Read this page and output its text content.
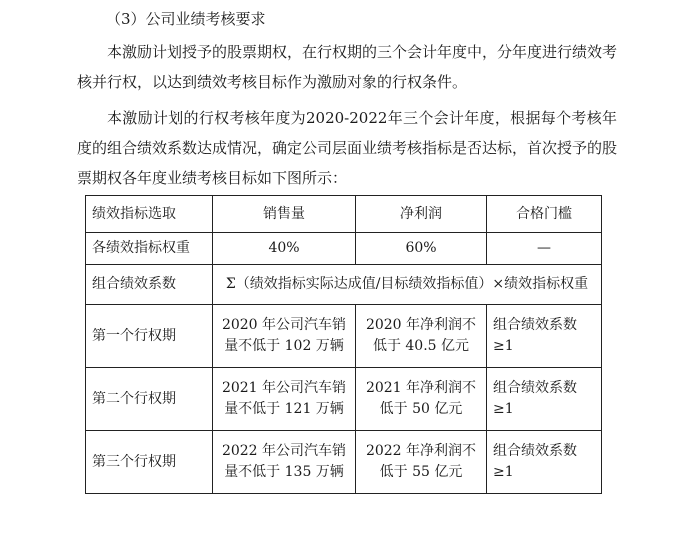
（3）公司业绩考核要求
本激励计划授予的股票期权，在行权期的三个会计年度中，分年度进行绩效考核并行权，以达到绩效考核目标作为激励对象的行权条件。
本激励计划的行权考核年度为2020-2022年三个会计年度，根据每个考核年度的组合绩效系数达成情况，确定公司层面业绩考核指标是否达标，首次授予的股票期权各年度业绩考核目标如下图所示：
绩效指标选取	销售量	净利润	合格门槛
各绩效指标权重	40%	60%	—
组合绩效系数	Σ（绩效指标实际达成值/目标绩效指标值）×绩效指标权重		
第一个行权期	2020 年公司汽车销量不低于 102 万辆	2020 年净利润不低于 40.5 亿元	组合绩效系数≥1
第二个行权期	2021 年公司汽车销量不低于 121 万辆	2021 年净利润不低于 50 亿元	组合绩效系数≥1
第三个行权期	2022 年公司汽车销量不低于 135 万辆	2022 年净利润不低于 55 亿元	组合绩效系数≥1
